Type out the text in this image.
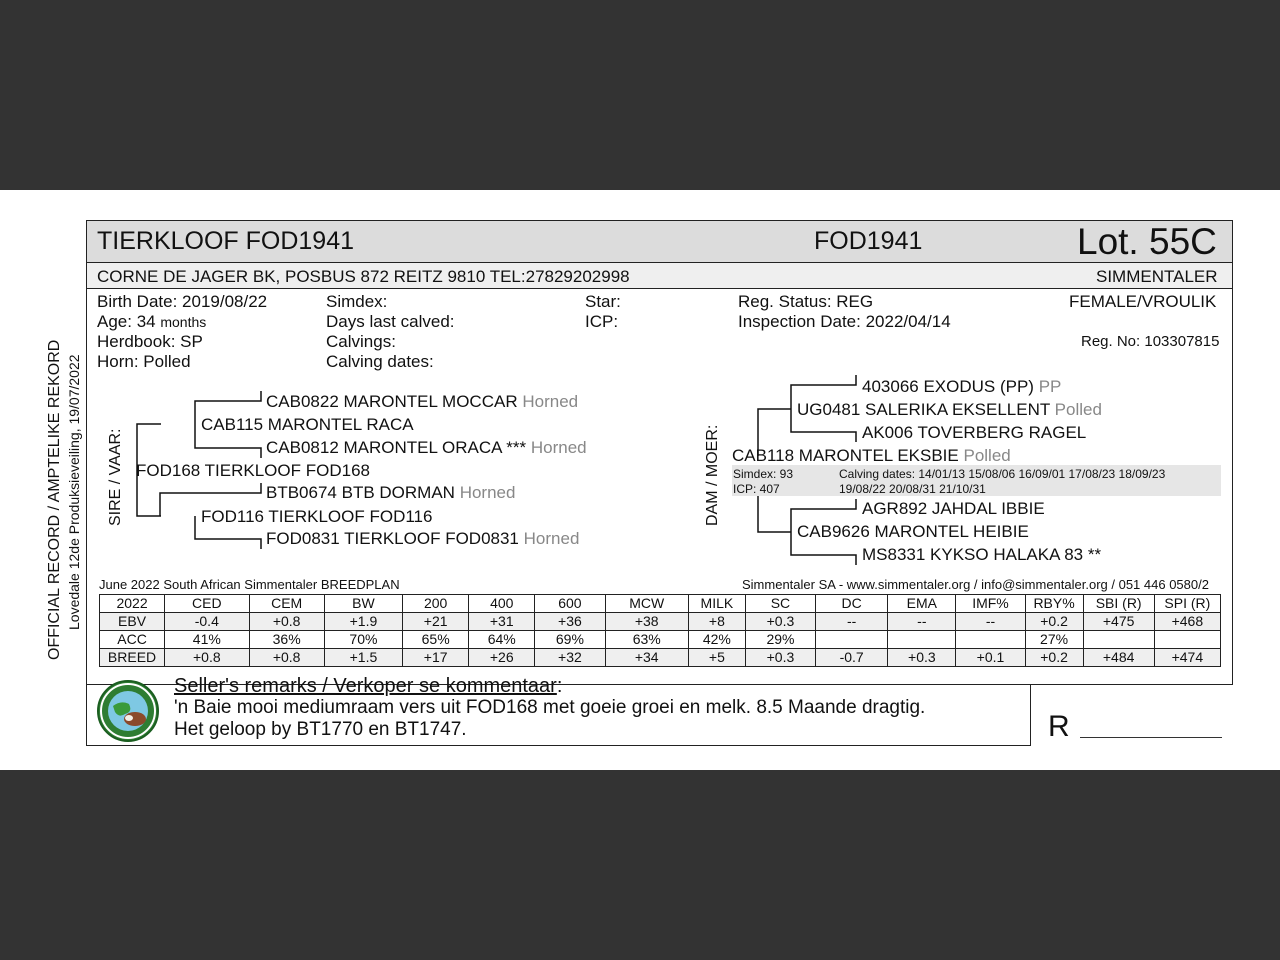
OFFICIAL RECORD / AMPTELIKE REKORD Lovedale 12de Produksieveiling, 19/07/2022
TIERKLOOF FOD1941	FOD1941	Lot. 55C
CORNE DE JAGER BK, POSBUS 872 REITZ 9810 TEL:27829202998	SIMMENTALER
Birth Date: 2019/08/22
Age: 34 months
Herdbook: SP
Horn: Polled
Simdex:
Days last calved:
Calvings:
Calving dates:
Star:
ICP:
Reg. Status: REG
Inspection Date: 2022/04/14
FEMALE/VROULIK
Reg. No: 103307815
SIRE / VAAR: FOD168 TIERKLOOF FOD168
CAB115 MARONTEL RACA
CAB0822 MARONTEL MOCCAR Horned
CAB0812 MARONTEL ORACA *** Horned
FOD116 TIERKLOOF FOD116
BTB0674 BTB DORMAN Horned
FOD0831 TIERKLOOF FOD0831 Horned
DAM / MOER: CAB118 MARONTEL EKSBIE Polled
UG0481 SALERIKA EKSELLENT Polled
403066 EXODUS (PP) PP
AK006 TOVERBERG RAGEL
Simdex: 93
ICP: 407
Calving dates: 14/01/13 15/08/06 16/09/01 17/08/23 18/09/23
19/08/22 20/08/31 21/10/31
CAB9626 MARONTEL HEIBIE
AGR892 JAHDAL IBBIE
MS8331 KYKSO HALAKA 83 **
June 2022 South African Simmentaler BREEDPLAN	Simmentaler SA - www.simmentaler.org / info@simmentaler.org / 051 446 0580/2
2022	CED	CEM	BW	200	400	600	MCW	MILK	SC	DC	EMA	IMF%	RBY%	SBI (R)	SPI (R)
EBV	-0.4	+0.8	+1.9	+21	+31	+36	+38	+8	+0.3	--	--	--	+0.2	+475	+468
ACC	41%	36%	70%	65%	64%	69%	63%	42%	29%				27%		
BREED	+0.8	+0.8	+1.5	+17	+26	+32	+34	+5	+0.3	-0.7	+0.3	+0.1	+0.2	+484	+474
Seller's remarks / Verkoper se kommentaar:
'n Baie mooi mediumraam vers uit FOD168 met goeie groei en melk. 8.5 Maande dragtig.
Het geloop by BT1770 en BT1747.	R
